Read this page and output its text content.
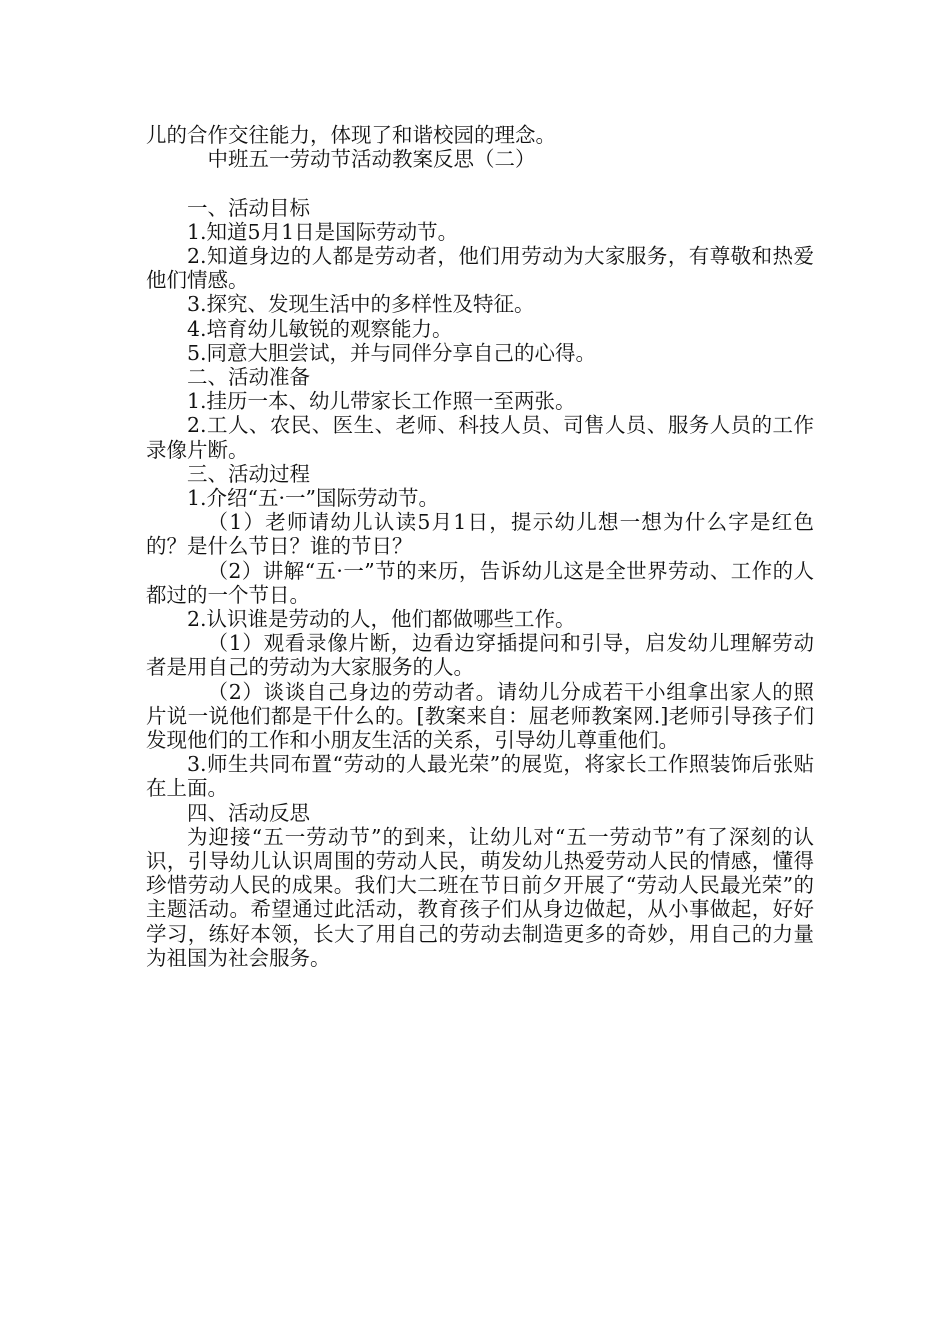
儿的合作交往能力，体现了和谐校园的理念。

中班五一劳动节活动教案反思（二）

一、活动目标

1.知道5月1日是国际劳动节。

2.知道身边的人都是劳动者，他们用劳动为大家服务，有尊敬和热爱他们情感。

3.探究、发现生活中的多样性及特征。

4.培育幼儿敏锐的观察能力。

5.同意大胆尝试，并与同伴分享自己的心得。

二、活动准备

1.挂历一本、幼儿带家长工作照一至两张。

2.工人、农民、医生、老师、科技人员、司售人员、服务人员的工作录像片断。

三、活动过程

1.介绍“五·一”国际劳动节。

（1）老师请幼儿认读5月1日，提示幼儿想一想为什么字是红色的？是什么节日？谁的节日？

（2）讲解“五·一”节的来历，告诉幼儿这是全世界劳动、工作的人都过的一个节日。

2.认识谁是劳动的人，他们都做哪些工作。

（1）观看录像片断，边看边穿插提问和引导，启发幼儿理解劳动者是用自己的劳动为大家服务的人。

（2）谈谈自己身边的劳动者。请幼儿分成若干小组拿出家人的照片说一说他们都是干什么的。[教案来自：屈老师教案网.]老师引导孩子们发现他们的工作和小朋友生活的关系，引导幼儿尊重他们。

3.师生共同布置“劳动的人最光荣”的展览，将家长工作照装饰后张贴在上面。

四、活动反思

为迎接“五一劳动节”的到来，让幼儿对“五一劳动节”有了深刻的认识，引导幼儿认识周围的劳动人民，萌发幼儿热爱劳动人民的情感，懂得珍惜劳动人民的成果。我们大二班在节日前夕开展了“劳动人民最光荣”的主题活动。希望通过此活动，教育孩子们从身边做起，从小事做起，好好学习，练好本领，长大了用自己的劳动去制造更多的奇妙，用自己的力量为祖国为社会服务。
